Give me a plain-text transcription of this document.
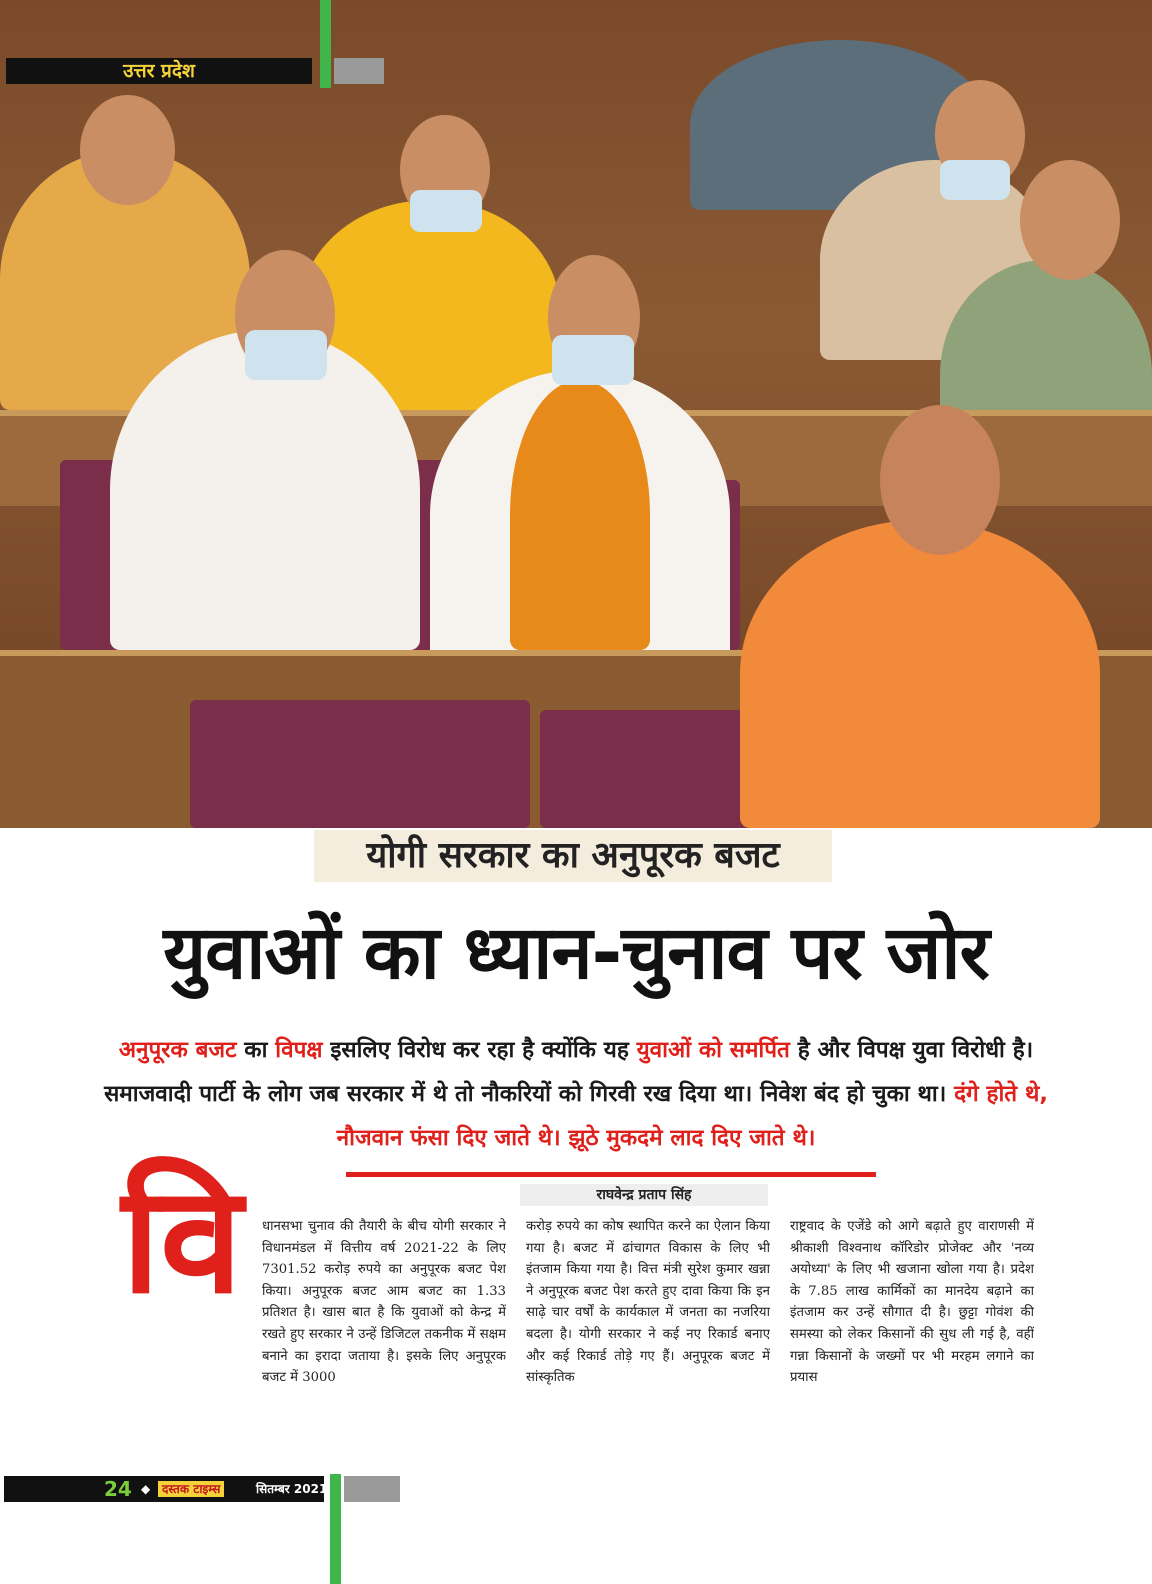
उत्तर प्रदेश
योगी सरकार का अनुपूरक बजट
युवाओं का ध्यान-चुनाव पर जोर
अनुपूरक बजट का विपक्ष इसलिए विरोध कर रहा है क्योंकि यह युवाओं को समर्पित है और विपक्ष युवा विरोधी है। समाजवादी पार्टी के लोग जब सरकार में थे तो नौकरियों को गिरवी रख दिया था। निवेश बंद हो चुका था। दंगे होते थे, नौजवान फंसा दिए जाते थे। झूठे मुकदमे लाद दिए जाते थे।
राघवेन्द्र प्रताप सिंह
वि	धानसभा चुनाव की तैयारी के बीच योगी सरकार ने विधानमंडल में वित्तीय वर्ष 2021-22 के लिए 7301.52 करोड़ रुपये का अनुपूरक बजट पेश किया। अनुपूरक बजट आम बजट का 1.33 प्रतिशत है। खास बात है कि युवाओं को केन्द्र में रखते हुए सरकार ने उन्हें डिजिटल तकनीक में सक्षम बनाने का इरादा जताया है। इसके लिए अनुपूरक बजट में 3000
करोड़ रुपये का कोष स्थापित करने का ऐलान किया गया है। बजट में ढांचागत विकास के लिए भी इंतजाम किया गया है। वित्त मंत्री सुरेश कुमार खन्ना ने अनुपूरक बजट पेश करते हुए दावा किया कि इन साढ़े चार वर्षों के कार्यकाल में जनता का नजरिया बदला है। योगी सरकार ने कई नए रिकार्ड बनाए और कई रिकार्ड तोड़े गए हैं। अनुपूरक बजट में सांस्कृतिक
राष्ट्रवाद के एजेंडे को आगे बढ़ाते हुए वाराणसी में श्रीकाशी विश्वनाथ कॉरिडोर प्रोजेक्ट और 'नव्य अयोध्या' के लिए भी खजाना खोला गया है। प्रदेश के 7.85 लाख कार्मिकों का मानदेय बढ़ाने का इंतजाम कर उन्हें सौगात दी है। छुट्टा गोवंश की समस्या को लेकर किसानों की सुध ली गई है, वहीं गन्ना किसानों के जख्मों पर भी मरहम लगाने का प्रयास
24 ◆ दस्तक टाइम्स	सितम्बर 2021
